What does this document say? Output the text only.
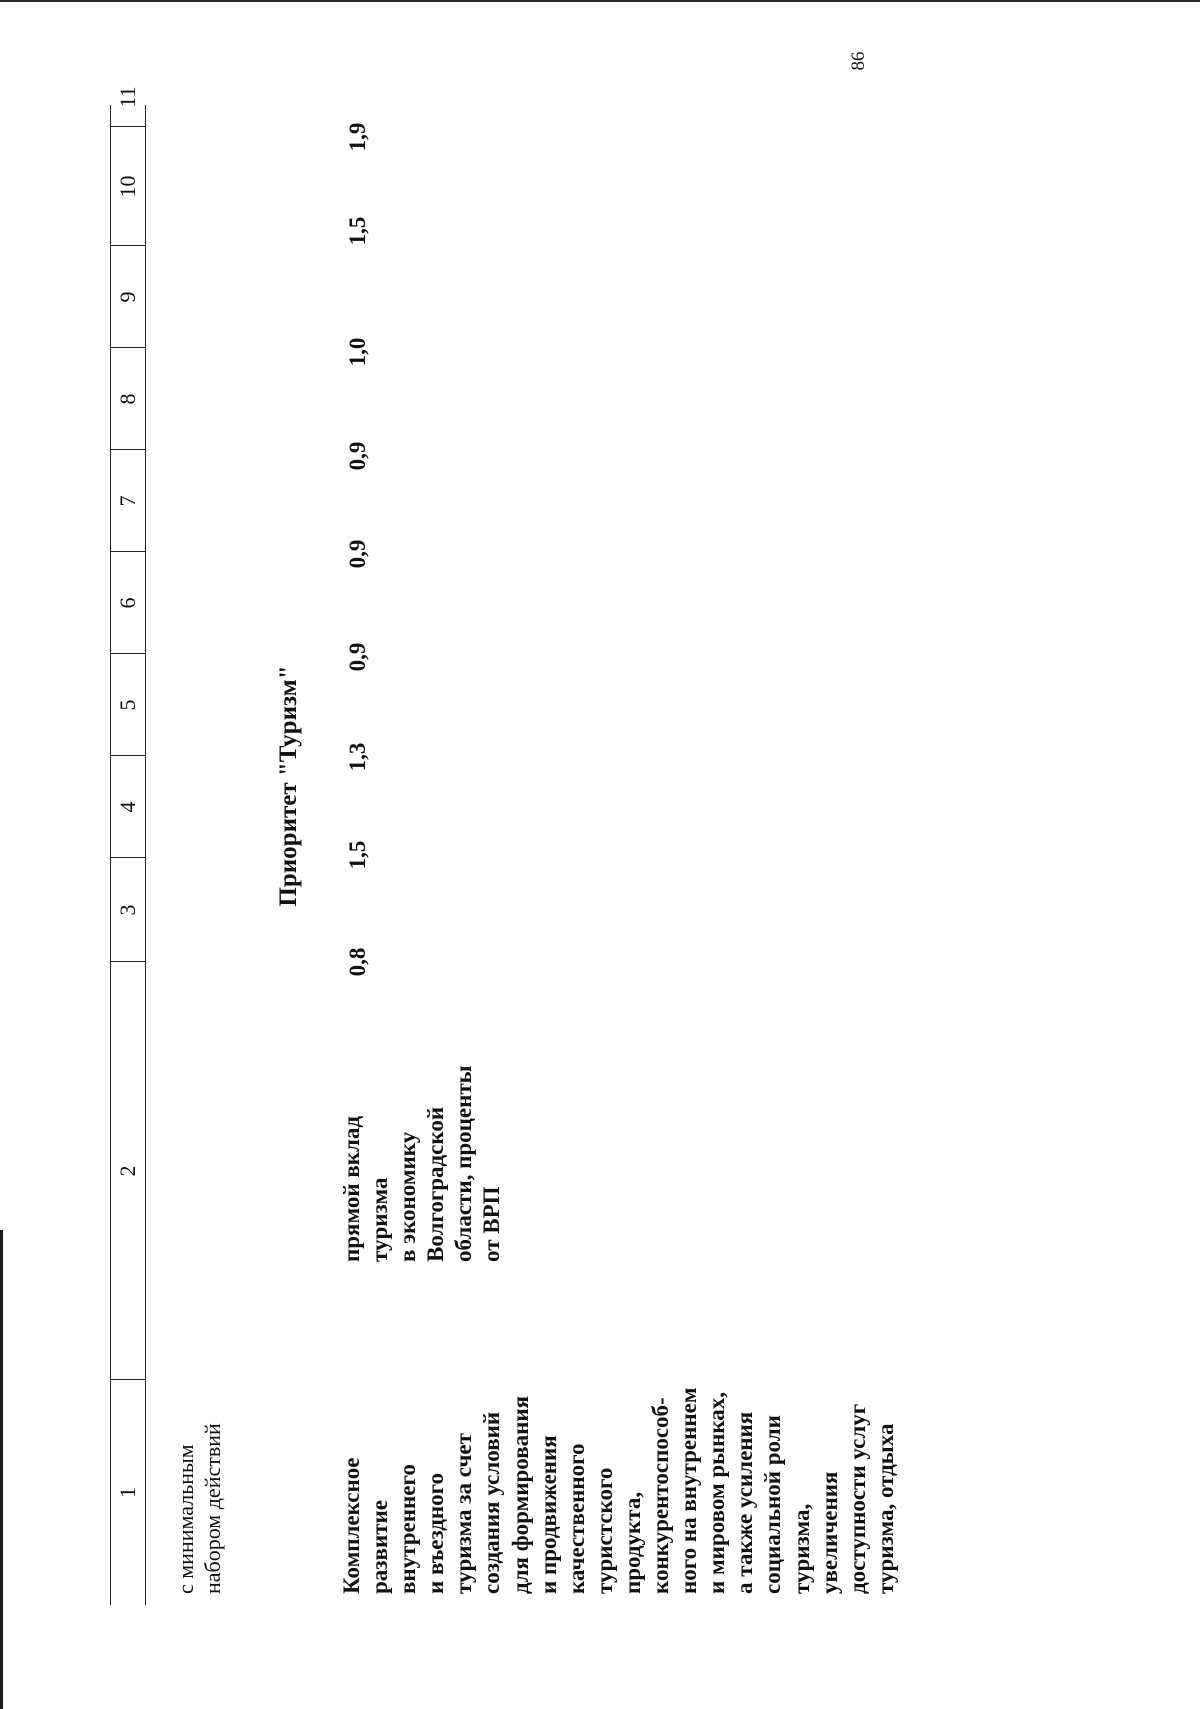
86
1
2
3
4
5
6
7
8
9
10
11
с минимальным набором действий
Приоритет "Туризм"
Комплексное развитие внутреннего и въездного туризма за счет создания условий для формирования и продвижения качественного туристского продукта, конкурентоспособ- ного на внутреннем и мировом рынках, а также усиления социальной роли туризма, увеличения доступности услуг туризма, отдыха
прямой вклад туризма в экономику Волгоградской области, проценты от ВРП
0,8
1,5
1,3
0,9
0,9
0,9
1,0
1,5
1,9
